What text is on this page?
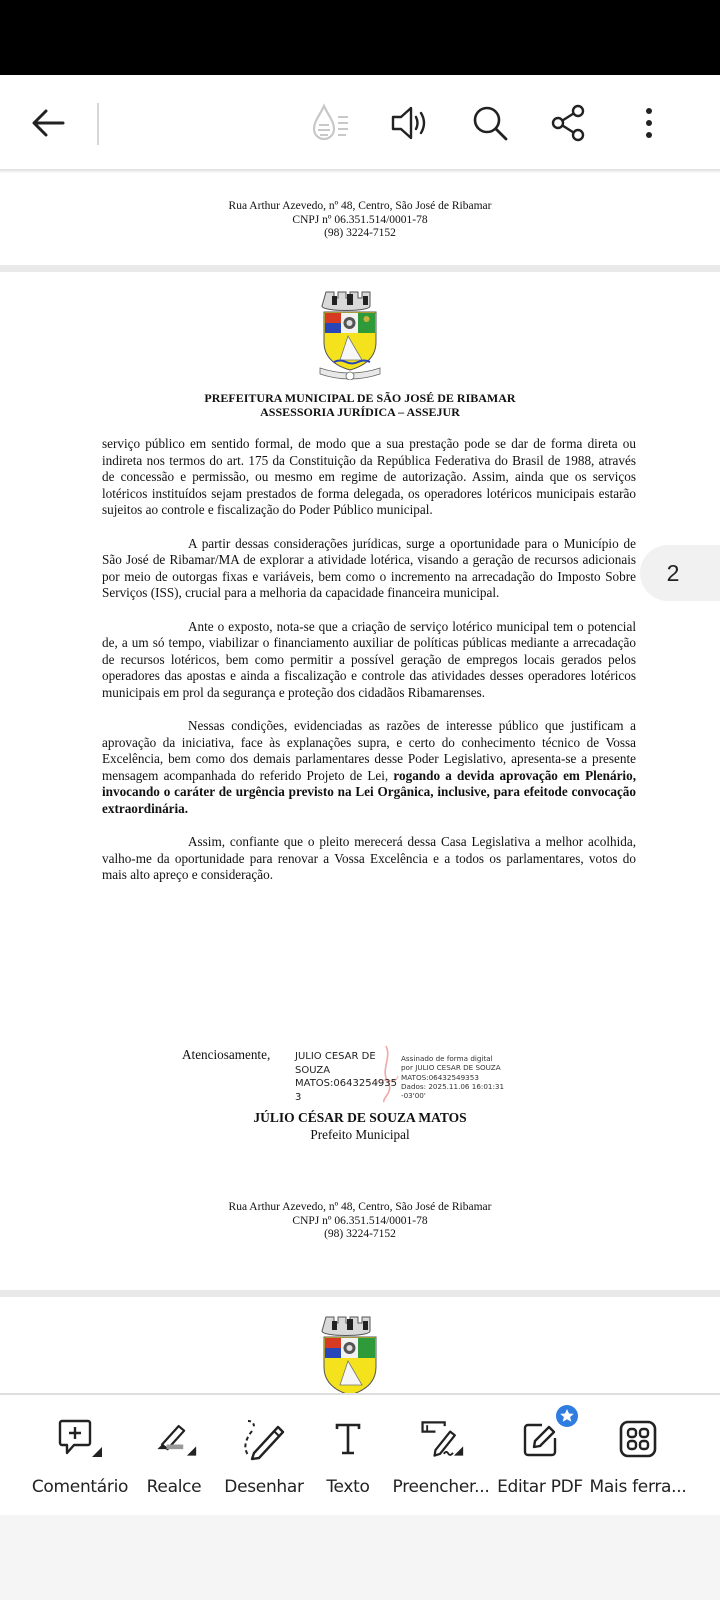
Rua Arthur Azevedo, nº 48, Centro, São José de Ribamar
CNPJ nº 06.351.514/0001-78
(98) 3224-7152
PREFEITURA MUNICIPAL DE SÃO JOSÉ DE RIBAMAR
ASSESSORIA JURÍDICA – ASSEJUR

serviço público em sentido formal, de modo que a sua prestação pode se dar de forma direta ou indireta nos termos do art. 175 da Constituição da República Federativa do Brasil de 1988, através de concessão e permissão, ou mesmo em regime de autorização. Assim, ainda que os serviços lotéricos instituídos sejam prestados de forma delegada, os operadores lotéricos municipais estarão sujeitos ao controle e fiscalização do Poder Público municipal.

A partir dessas considerações jurídicas, surge a oportunidade para o Município de São José de Ribamar/MA de explorar a atividade lotérica, visando a geração de recursos adicionais por meio de outorgas fixas e variáveis, bem como o incremento na arrecadação do Imposto Sobre Serviços (ISS), crucial para a melhoria da capacidade financeira municipal.

Ante o exposto, nota-se que a criação de serviço lotérico municipal tem o potencial de, a um só tempo, viabilizar o financiamento auxiliar de políticas públicas mediante a arrecadação de recursos lotéricos, bem como permitir a possível geração de empregos locais gerados pelos operadores das apostas e ainda a fiscalização e controle das atividades desses operadores lotéricos municipais em prol da segurança e proteção dos cidadãos Ribamarenses.

Nessas condições, evidenciadas as razões de interesse público que justificam a aprovação da iniciativa, face às explanações supra, e certo do conhecimento técnico de Vossa Excelência, bem como dos demais parlamentares desse Poder Legislativo, apresenta-se a presente mensagem acompanhada do referido Projeto de Lei, rogando a devida aprovação em Plenário, invocando o caráter de urgência previsto na Lei Orgânica, inclusive, para efeitode convocação extraordinária.

Assim, confiante que o pleito merecerá dessa Casa Legislativa a melhor acolhida, valho-me da oportunidade para renovar a Vossa Excelência e a todos os parlamentares, votos do mais alto apreço e consideração.

Atenciosamente, JULIO CESAR DE
SOUZA
MATOS:0643254935
3
Assinado de forma digital
por JULIO CESAR DE SOUZA
MATOS:06432549353
Dados: 2025.11.06 16:01:31
-03'00'
JÚLIO CÉSAR DE SOUZA MATOS
Prefeito Municipal
Rua Arthur Azevedo, nº 48, Centro, São José de Ribamar
CNPJ nº 06.351.514/0001-78
(98) 3224-7152
2
Comentário Realce Desenhar Texto Preencher... Editar PDF Mais ferra...
